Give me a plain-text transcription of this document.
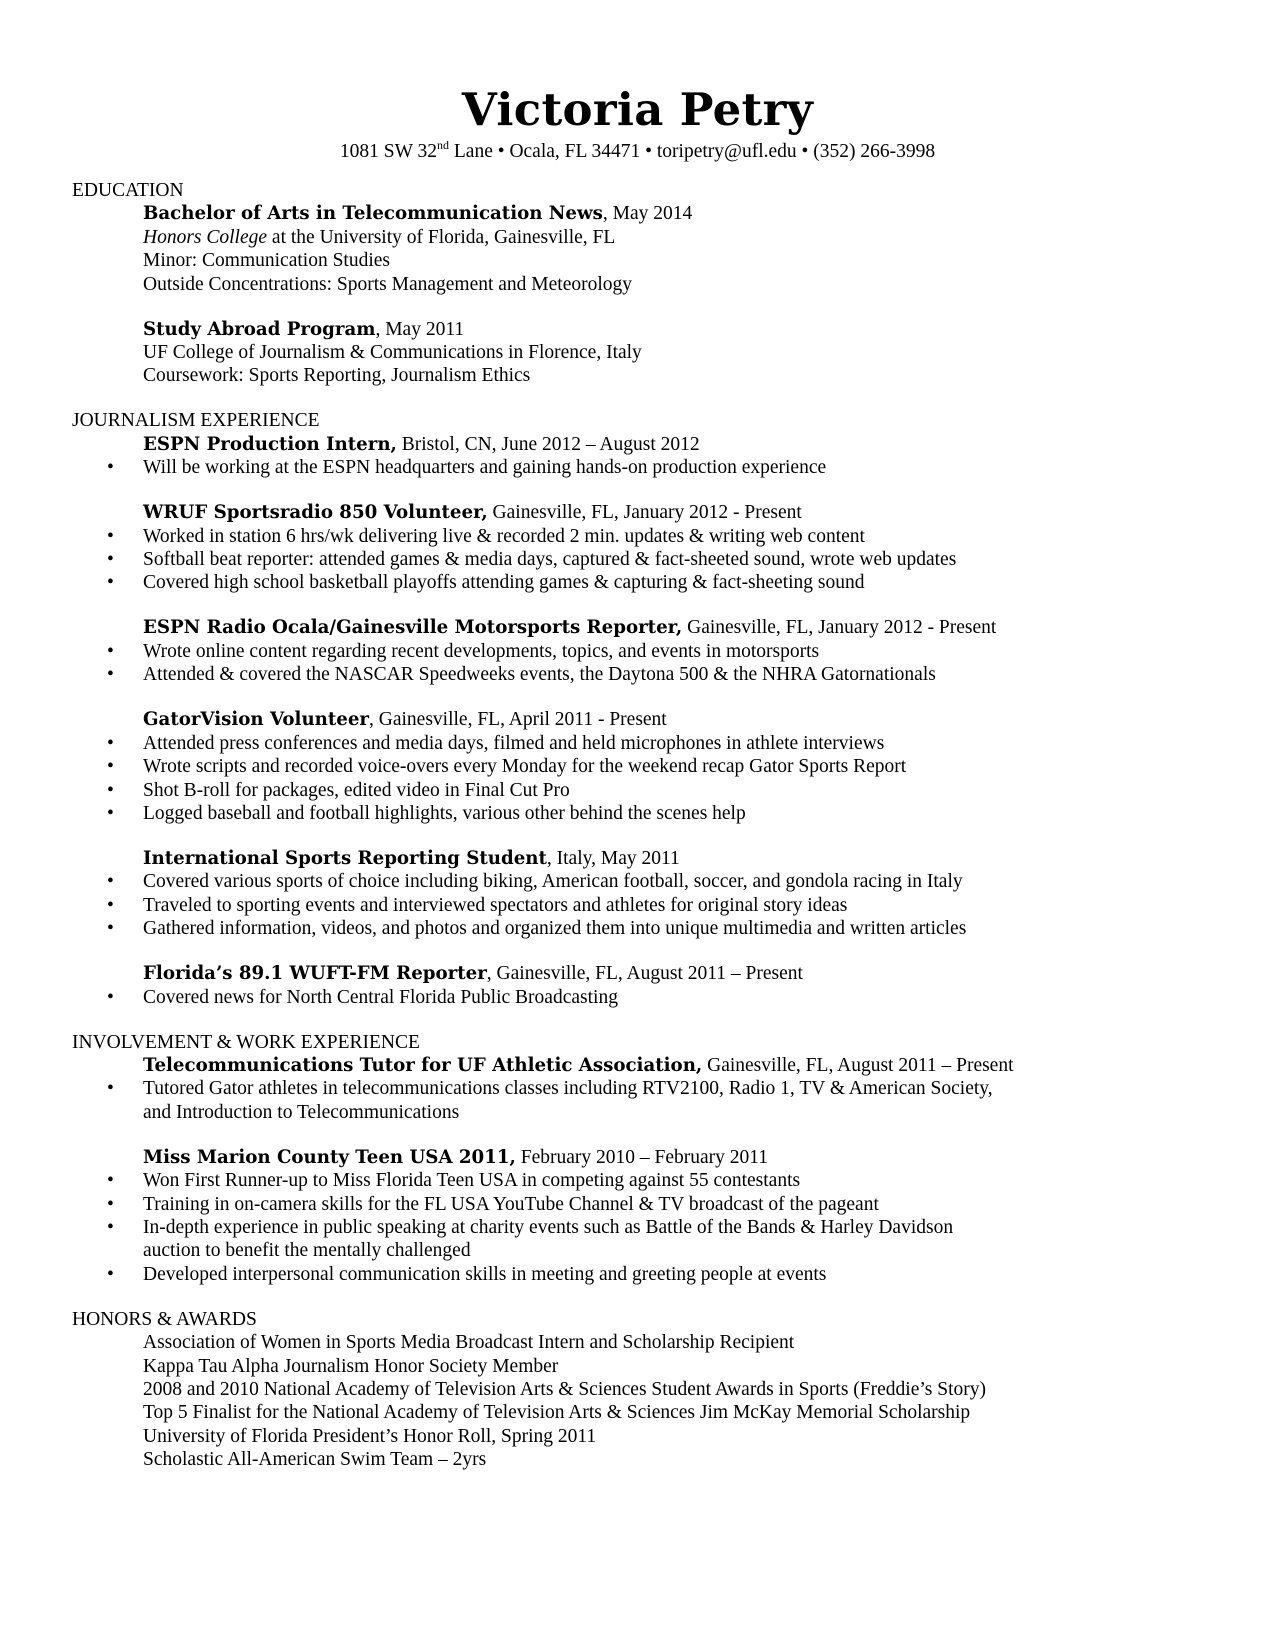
Victoria Petry
1081 SW 32nd Lane • Ocala, FL 34471 • toripetry@ufl.edu • (352) 266-3998
EDUCATION
Bachelor of Arts in Telecommunication News, May 2014
Honors College at the University of Florida, Gainesville, FL
Minor: Communication Studies
Outside Concentrations: Sports Management and Meteorology
Study Abroad Program, May 2011
UF College of Journalism & Communications in Florence, Italy
Coursework: Sports Reporting, Journalism Ethics
JOURNALISM EXPERIENCE
ESPN Production Intern, Bristol, CN, June 2012 – August 2012
• Will be working at the ESPN headquarters and gaining hands-on production experience
WRUF Sportsradio 850 Volunteer, Gainesville, FL, January 2012 - Present
• Worked in station 6 hrs/wk delivering live & recorded 2 min. updates & writing web content
• Softball beat reporter: attended games & media days, captured & fact-sheeted sound, wrote web updates
• Covered high school basketball playoffs attending games & capturing & fact-sheeting sound
ESPN Radio Ocala/Gainesville Motorsports Reporter, Gainesville, FL, January 2012 - Present
• Wrote online content regarding recent developments, topics, and events in motorsports
• Attended & covered the NASCAR Speedweeks events, the Daytona 500 & the NHRA Gatornationals
GatorVision Volunteer, Gainesville, FL, April 2011 - Present
• Attended press conferences and media days, filmed and held microphones in athlete interviews
• Wrote scripts and recorded voice-overs every Monday for the weekend recap Gator Sports Report
• Shot B-roll for packages, edited video in Final Cut Pro
• Logged baseball and football highlights, various other behind the scenes help
International Sports Reporting Student, Italy, May 2011
• Covered various sports of choice including biking, American football, soccer, and gondola racing in Italy
• Traveled to sporting events and interviewed spectators and athletes for original story ideas
• Gathered information, videos, and photos and organized them into unique multimedia and written articles
Florida’s 89.1 WUFT-FM Reporter, Gainesville, FL, August 2011 – Present
• Covered news for North Central Florida Public Broadcasting
INVOLVEMENT & WORK EXPERIENCE
Telecommunications Tutor for UF Athletic Association, Gainesville, FL, August 2011 – Present
• Tutored Gator athletes in telecommunications classes including RTV2100, Radio 1, TV & American Society,
and Introduction to Telecommunications
Miss Marion County Teen USA 2011, February 2010 – February 2011
• Won First Runner-up to Miss Florida Teen USA in competing against 55 contestants
• Training in on-camera skills for the FL USA YouTube Channel & TV broadcast of the pageant
• In-depth experience in public speaking at charity events such as Battle of the Bands & Harley Davidson
auction to benefit the mentally challenged
• Developed interpersonal communication skills in meeting and greeting people at events
HONORS & AWARDS
Association of Women in Sports Media Broadcast Intern and Scholarship Recipient
Kappa Tau Alpha Journalism Honor Society Member
2008 and 2010 National Academy of Television Arts & Sciences Student Awards in Sports (Freddie’s Story)
Top 5 Finalist for the National Academy of Television Arts & Sciences Jim McKay Memorial Scholarship
University of Florida President’s Honor Roll, Spring 2011
Scholastic All-American Swim Team – 2yrs
